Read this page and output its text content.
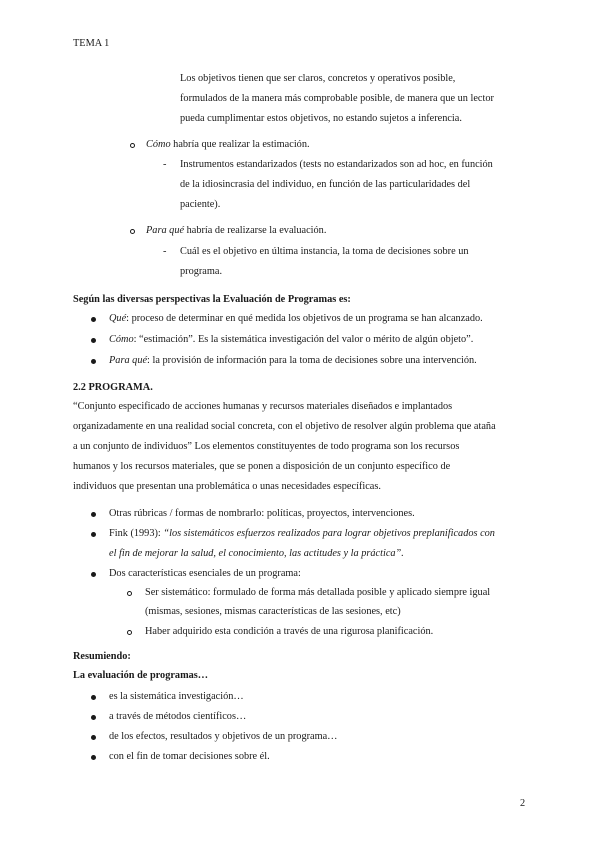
TEMA 1
Los objetivos tienen que ser claros, concretos y operativos posible,
formulados de la manera más comprobable posible, de manera que un lector
pueda cumplimentar estos objetivos, no estando sujetos a inferencia.
Cómo habría que realizar la estimación.
- Instrumentos estandarizados (tests no estandarizados son ad hoc, en función
de la idiosincrasia del individuo, en función de las particularidades del
paciente).
Para qué habría de realizarse la evaluación.
- Cuál es el objetivo en última instancia, la toma de decisiones sobre un
programa.
Según las diversas perspectivas la Evaluación de Programas es:
Qué: proceso de determinar en qué medida los objetivos de un programa se han alcanzado.
Cómo: “estimación”. Es la sistemática investigación del valor o mérito de algún objeto”.
Para qué: la provisión de información para la toma de decisiones sobre una intervención.
2.2 PROGRAMA.
“Conjunto especificado de acciones humanas y recursos materiales diseñados e implantados
organizadamente en una realidad social concreta, con el objetivo de resolver algún problema que ataña
a un conjunto de individuos” Los elementos constituyentes de todo programa son los recursos
humanos y los recursos materiales, que se ponen a disposición de un conjunto específico de
individuos que presentan una problemática o unas necesidades específicas.
Otras rúbricas / formas de nombrarlo: políticas, proyectos, intervenciones.
Fink (1993): “los sistemáticos esfuerzos realizados para lograr objetivos preplanificados con
el fin de mejorar la salud, el conocimiento, las actitudes y la práctica”.
Dos características esenciales de un programa:
Ser sistemático: formulado de forma más detallada posible y aplicado siempre igual
(mismas, sesiones, mismas características de las sesiones, etc)
Haber adquirido esta condición a través de una rigurosa planificación.
Resumiendo:
La evaluación de programas…
es la sistemática investigación…
a través de métodos científicos…
de los efectos, resultados y objetivos de un programa…
con el fin de tomar decisiones sobre él.
2
